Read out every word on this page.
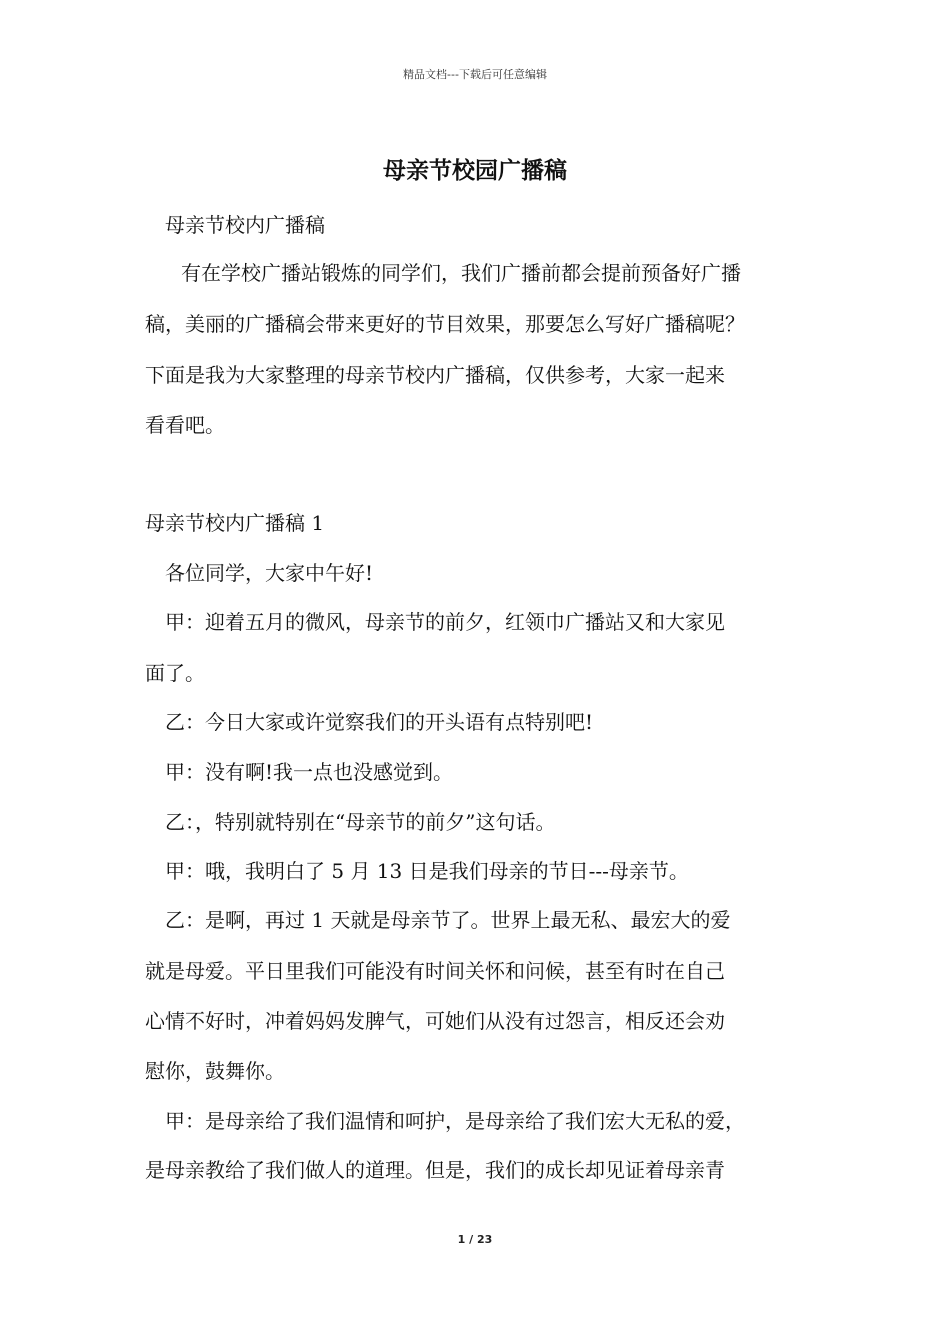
精品文档---下载后可任意编辑
母亲节校园广播稿
母亲节校内广播稿
有在学校广播站锻炼的同学们，我们广播前都会提前预备好广播
稿，美丽的广播稿会带来更好的节目效果，那要怎么写好广播稿呢？
下面是我为大家整理的母亲节校内广播稿，仅供参考，大家一起来
看看吧。
母亲节校内广播稿 1
各位同学，大家中午好!
甲：迎着五月的微风，母亲节的前夕，红领巾广播站又和大家见
面了。
乙：今日大家或许觉察我们的开头语有点特别吧!
甲：没有啊!我一点也没感觉到。
乙：，特别就特别在“母亲节的前夕”这句话。
甲：哦，我明白了 5 月 13 日是我们母亲的节日---母亲节。
乙：是啊，再过 1 天就是母亲节了。世界上最无私、最宏大的爱
就是母爱。平日里我们可能没有时间关怀和问候，甚至有时在自己
心情不好时，冲着妈妈发脾气，可她们从没有过怨言，相反还会劝
慰你，鼓舞你。
甲：是母亲给了我们温情和呵护，是母亲给了我们宏大无私的爱，
是母亲教给了我们做人的道理。但是，我们的成长却见证着母亲青
1 / 23
